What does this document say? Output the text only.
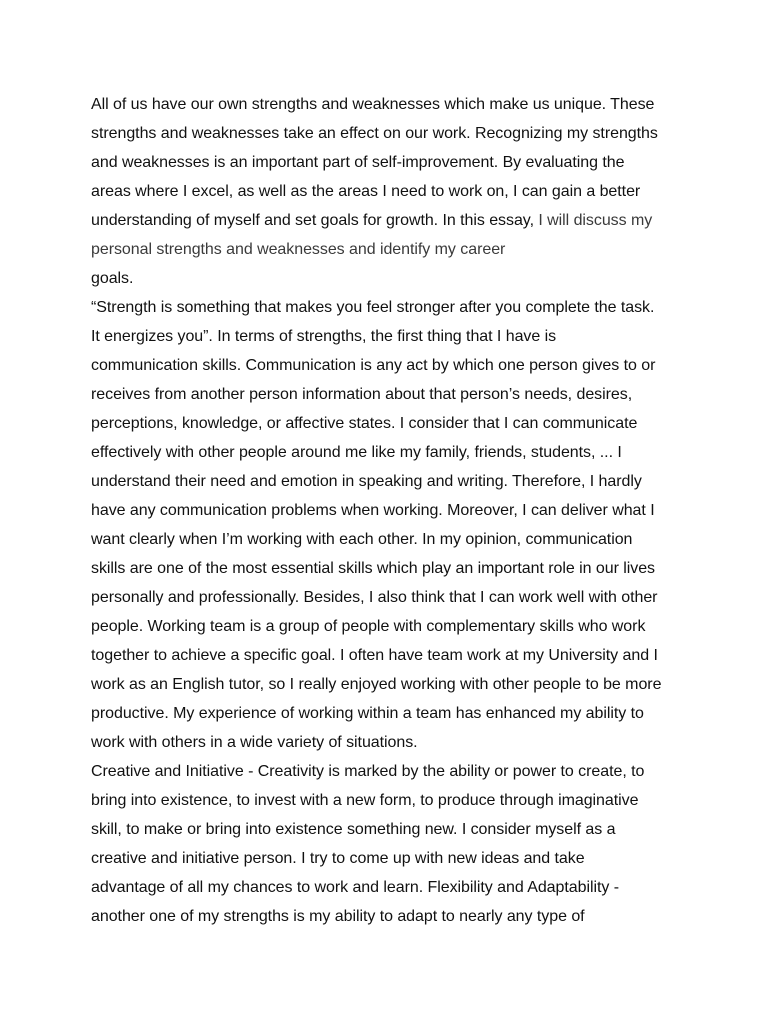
All of us have our own strengths and weaknesses which make us unique. These
strengths and weaknesses take an effect on our work. Recognizing my strengths
and weaknesses is an important part of self-improvement. By evaluating the
areas where I excel, as well as the areas I need to work on, I can gain a better
understanding of myself and set goals for growth. In this essay, I will discuss my
personal strengths and weaknesses and identify my career
goals.
“Strength is something that makes you feel stronger after you complete the task.
It energizes you”. In terms of strengths, the first thing that I have is
communication skills. Communication is any act by which one person gives to or
receives from another person information about that person’s needs, desires,
perceptions, knowledge, or affective states. I consider that I can communicate
effectively with other people around me like my family, friends, students, ... I
understand their need and emotion in speaking and writing. Therefore, I hardly
have any communication problems when working. Moreover, I can deliver what I
want clearly when I’m working with each other. In my opinion, communication
skills are one of the most essential skills which play an important role in our lives
personally and professionally. Besides, I also think that I can work well with other
people. Working team is a group of people with complementary skills who work
together to achieve a specific goal. I often have team work at my University and I
work as an English tutor, so I really enjoyed working with other people to be more
productive. My experience of working within a team has enhanced my ability to
work with others in a wide variety of situations.
Creative and Initiative - Creativity is marked by the ability or power to create, to
bring into existence, to invest with a new form, to produce through imaginative
skill, to make or bring into existence something new. I consider myself as a
creative and initiative person. I try to come up with new ideas and take
advantage of all my chances to work and learn. Flexibility and Adaptability -
another one of my strengths is my ability to adapt to nearly any type of
